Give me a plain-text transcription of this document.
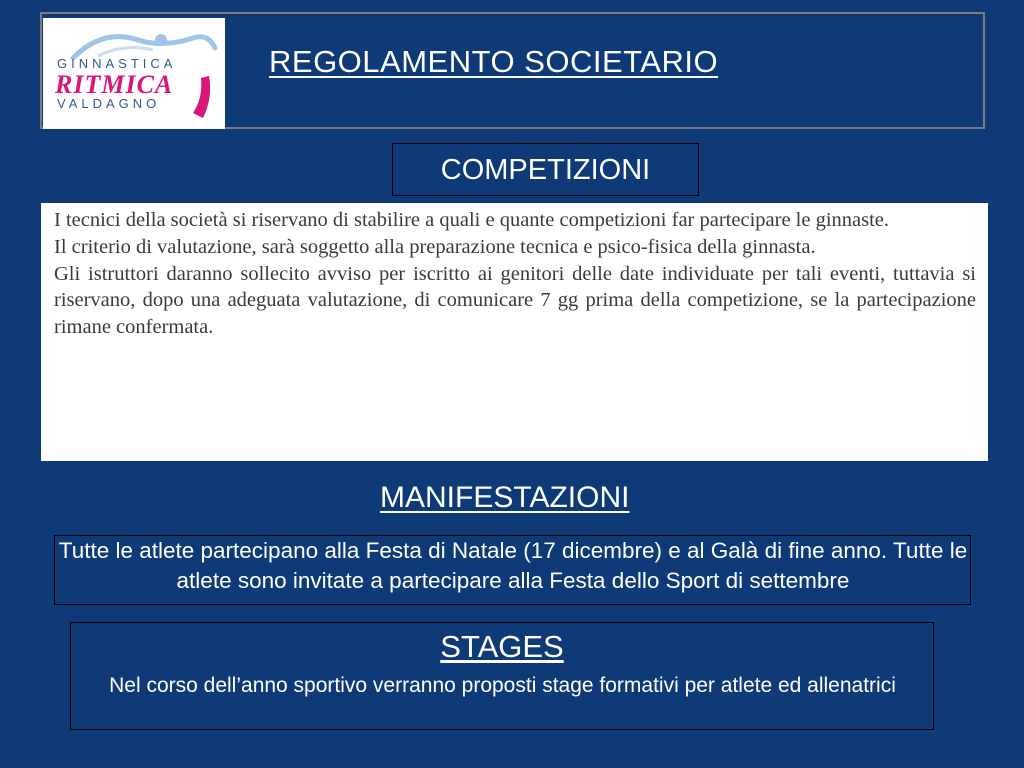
GINNASTICA
RITMICA
VALDAGNO
REGOLAMENTO SOCIETARIO
COMPETIZIONI

I tecnici della società si riservano di stabilire a quali e quante competizioni far partecipare le ginnaste.

Il criterio di valutazione, sarà soggetto alla preparazione tecnica e psico-fisica della ginnasta.

Gli istruttori daranno sollecito avviso per iscritto ai genitori delle date individuate per tali eventi, tuttavia si riservano, dopo una adeguata valutazione, di comunicare 7 gg prima della competizione, se la partecipazione rimane confermata.

MANIFESTAZIONI
Tutte le atlete partecipano alla Festa di Natale (17 dicembre) e al Galà di fine anno. Tutte le atlete sono invitate a partecipare alla Festa dello Sport di settembre
STAGES
Nel corso dell’anno sportivo verranno proposti stage formativi per atlete ed allenatrici
